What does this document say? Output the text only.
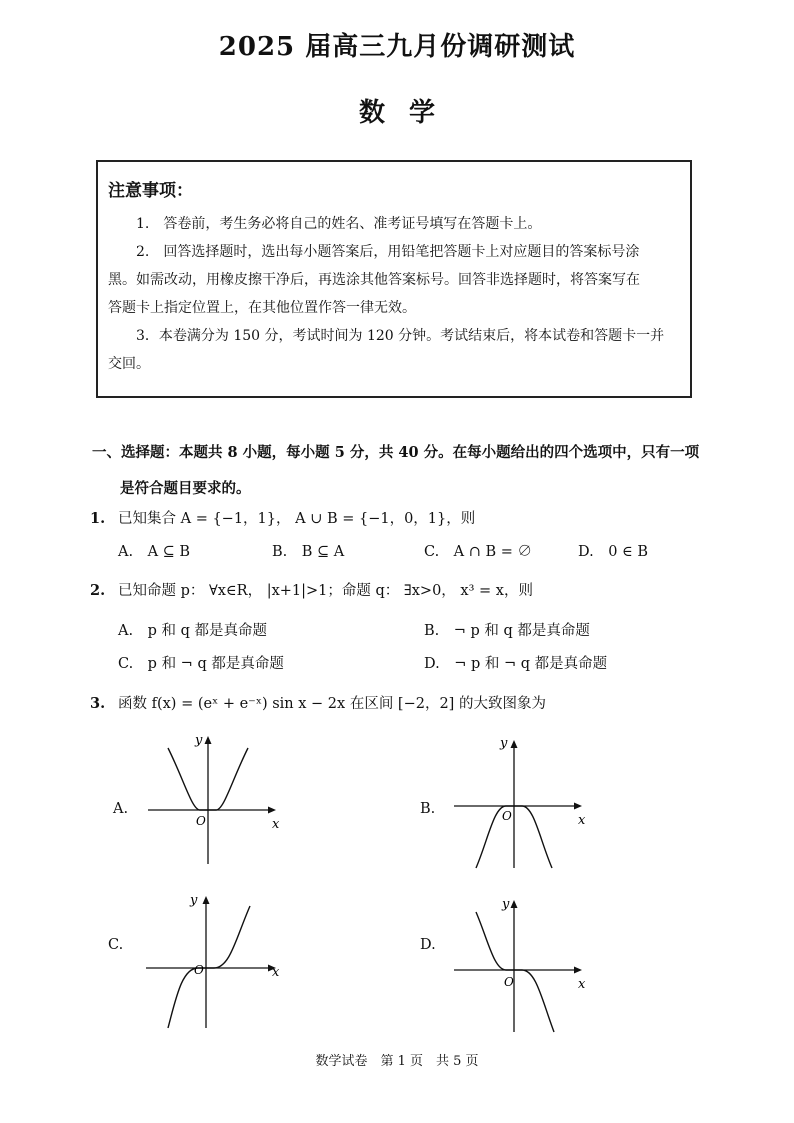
2025 届高三九月份调研测试
数学
注意事项：
1.　答卷前，考生务必将自己的姓名、准考证号填写在答题卡上。
2.　回答选择题时，选出每小题答案后，用铅笔把答题卡上对应题目的答案标号涂
黑。如需改动，用橡皮擦干净后，再选涂其他答案标号。回答非选择题时，将答案写在
答题卡上指定位置上，在其他位置作答一律无效。
3．本卷满分为 150 分，考试时间为 120 分钟。考试结束后，将本试卷和答题卡一并
交回。
一、选择题：本题共 8 小题，每小题 5 分，共 40 分。在每小题给出的四个选项中，只有一项
是符合题目要求的。
1. 已知集合 A = {−1，1}， A ∪ B = {−1，0，1}，则
A.　A ⊆ B	B.　B ⊆ A	C.　A ∩ B = ∅	D.　0 ∈ B
2. 已知命题 p： ∀x∈R， |x+1|>1；命题 q： ∃x>0， x³ = x，则
A.　p 和 q 都是真命题	B.　¬ p 和 q 都是真命题
C.　p 和 ¬ q 都是真命题	D.　¬ p 和 ¬ q 都是真命题
3. 函数 f(x) = (eˣ + e⁻ˣ) sin x − 2x 在区间 [−2，2] 的大致图象为
A.	B.
C.	D.
y
x
O
y
x
O
y
x
O
y
x
O
数学试卷　第 1 页　共 5 页
